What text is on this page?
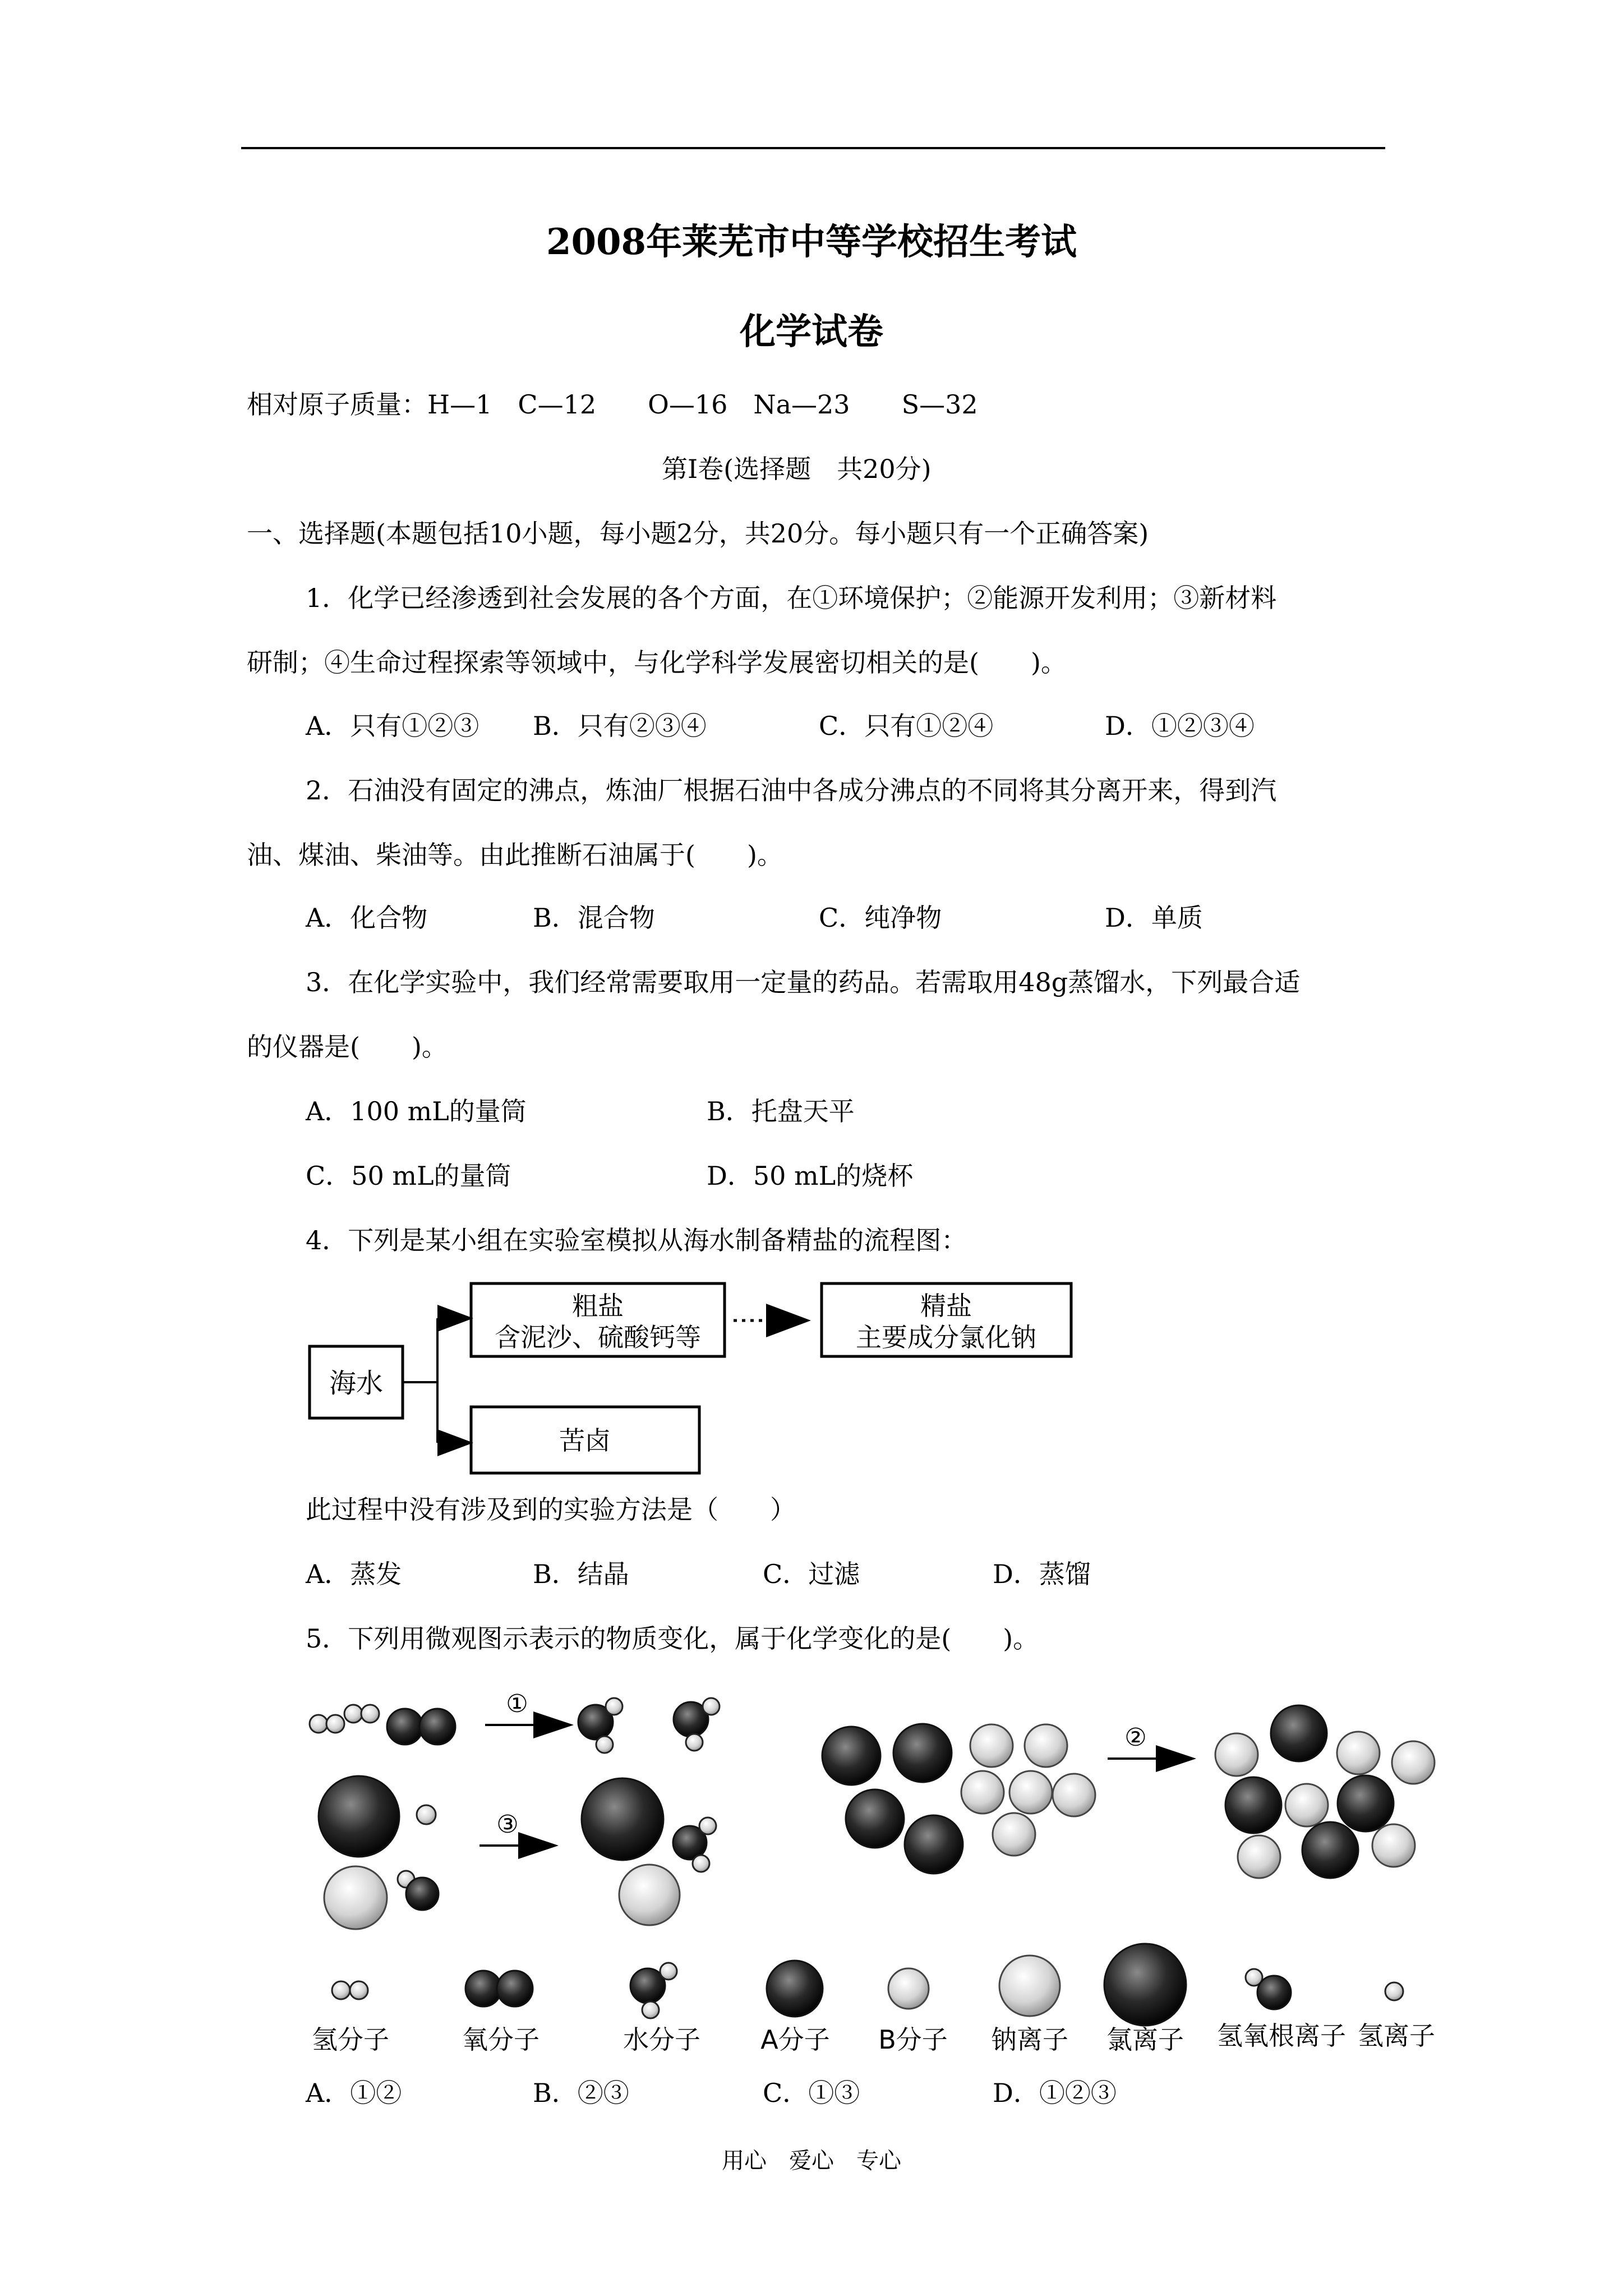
2008年莱芜市中等学校招生考试
化学试卷
相对原子质量：H—1　C—12　　O—16　Na—23　　S—32
第Ⅰ卷(选择题　共20分)
一、选择题(本题包括10小题，每小题2分，共20分。每小题只有一个正确答案)
1．化学已经渗透到社会发展的各个方面，在①环境保护；②能源开发利用；③新材料
研制；④生命过程探索等领域中，与化学科学发展密切相关的是(　　)。
A．只有①②③ B．只有②③④	C．只有①②④	D．①②③④
2．石油没有固定的沸点，炼油厂根据石油中各成分沸点的不同将其分离开来，得到汽
油、煤油、柴油等。由此推断石油属于(　　)。
A．化合物	B．混合物	C．纯净物	D．单质
3．在化学实验中，我们经常需要取用一定量的药品。若需取用48g蒸馏水，下列最合适
的仪器是(　　)。
A．100 mL的量筒	B．托盘天平
C．50 mL的量筒	D．50 mL的烧杯
4．下列是某小组在实验室模拟从海水制备精盐的流程图：
海水
粗盐
含泥沙、硫酸钙等
精盐
主要成分氯化钠
苦卤
此过程中没有涉及到的实验方法是（　　）
A．蒸发	B．结晶	C．过滤	D．蒸馏
5．下列用微观图示表示的物质变化，属于化学变化的是(　　)。
①
③
②
氢分子	氧分子	水分子 A分子 B分子 钠离子 氯离子 氢氧根离子 氢离子
A．①②	B．②③	C．①③	D．①②③
用心　爱心　专心
